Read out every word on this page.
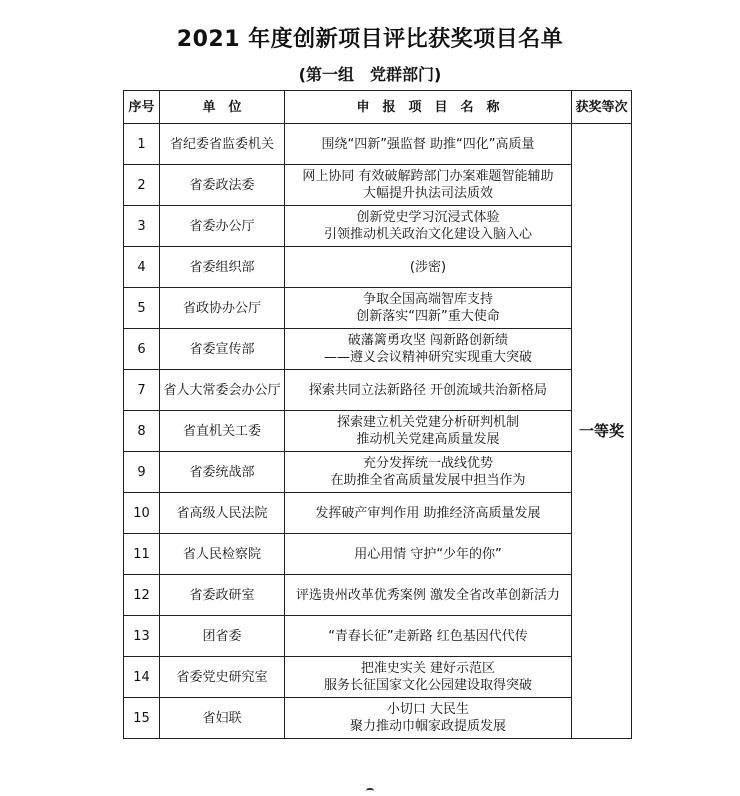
2021 年度创新项目评比获奖项目名单
(第一组　党群部门)
序号	单　位	申　报　项　目　名　称	获奖等次
1	省纪委省监委机关	围绕“四新”强监督 助推“四化”高质量	一等奖
2	省委政法委	网上协同 有效破解跨部门办案难题智能辅助
大幅提升执法司法质效	

3	省委办公厅	创新党史学习沉浸式体验
引领推动机关政治文化建设入脑入心	

4	省委组织部	(涉密)	

5	省政协办公厅	争取全国高端智库支持
创新落实“四新”重大使命	

6	省委宣传部	破藩篱勇攻坚 闯新路创新绩
——遵义会议精神研究实现重大突破	

7	省人大常委会办公厅	探索共同立法新路径 开创流域共治新格局	

8	省直机关工委	探索建立机关党建分析研判机制
推动机关党建高质量发展	

9	省委统战部	充分发挥统一战线优势
在助推全省高质量发展中担当作为	

10	省高级人民法院	发挥破产审判作用 助推经济高质量发展	

11	省人民检察院	用心用情 守护“少年的你”	

12	省委政研室	评选贵州改革优秀案例 激发全省改革创新活力	

13	团省委	“青春长征”走新路 红色基因代代传	

14	省委党史研究室	把准史实关 建好示范区
服务长征国家文化公园建设取得突破	

15	省妇联	小切口 大民生
聚力推动巾帼家政提质发展	
